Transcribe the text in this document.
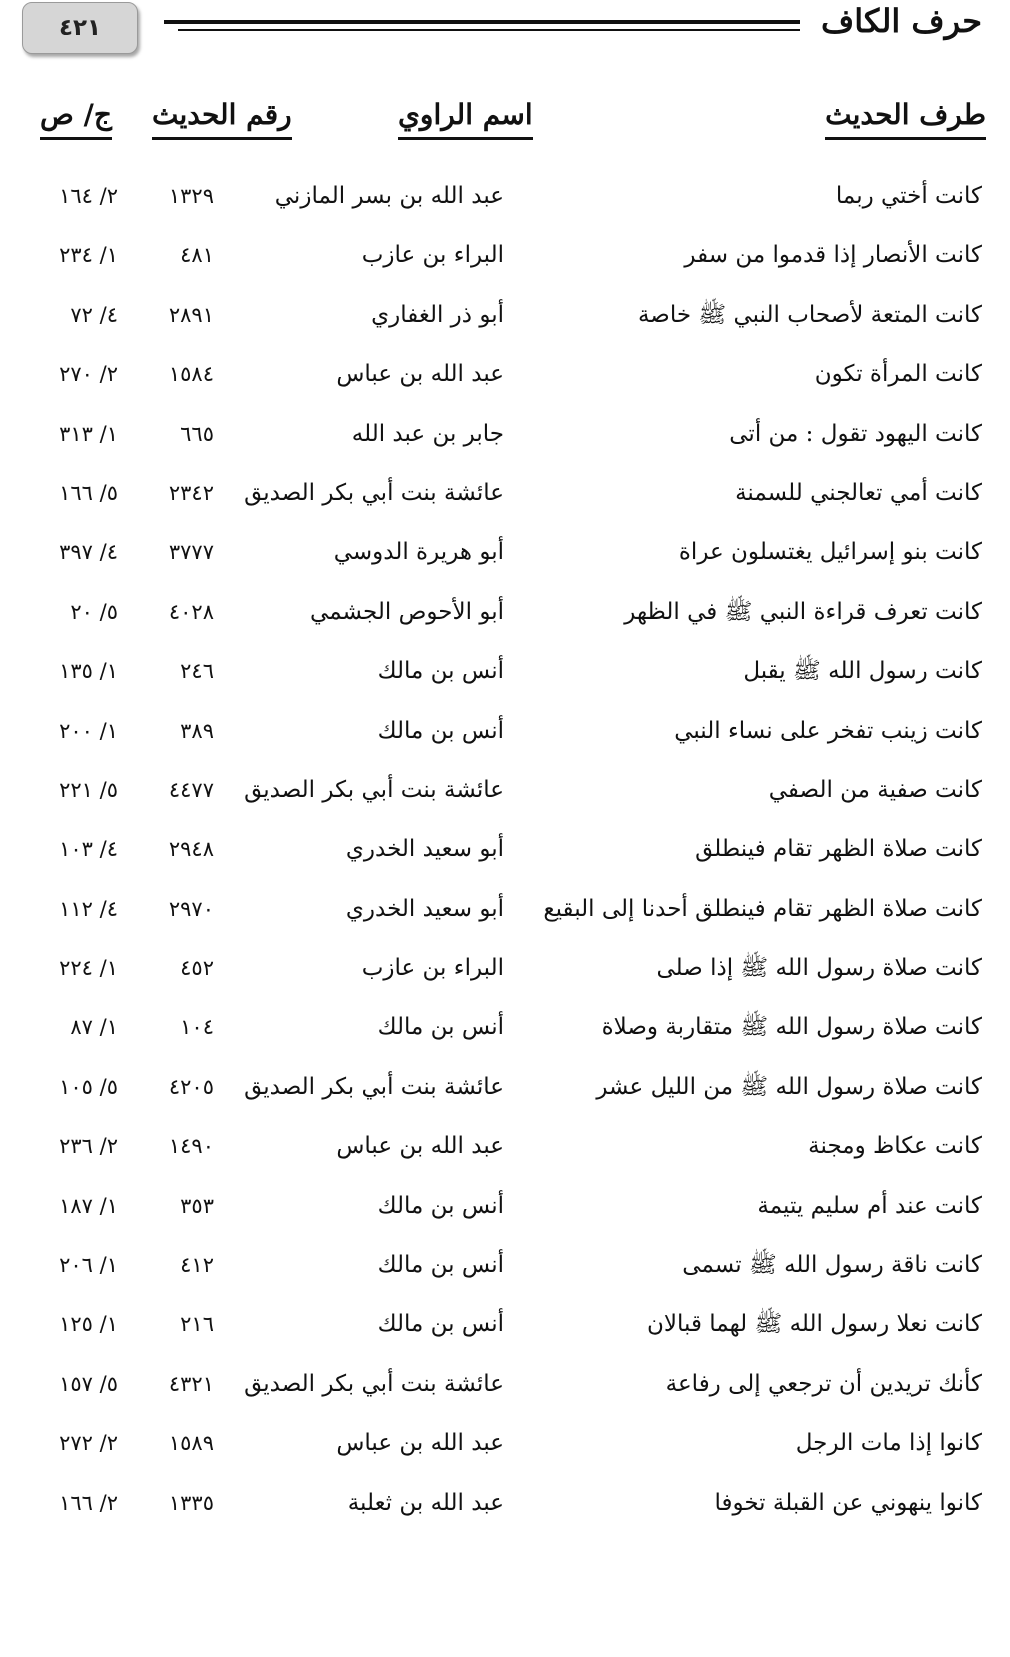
٤٢١	حرف الكاف
طرف الحديث
اسم الراوي
رقم الحديث
ج/ ص
كانت أختي ربما
عبد الله بن بسر المازني
١٣٢٩
٢/ ١٦٤
كانت الأنصار إذا قدموا من سفر
البراء بن عازب
٤٨١
١/ ٢٣٤
كانت المتعة لأصحاب النبي ﷺ خاصة
أبو ذر الغفاري
٢٨٩١
٤/ ٧٢
كانت المرأة تكون
عبد الله بن عباس
١٥٨٤
٢/ ٢٧٠
كانت اليهود تقول : من أتى
جابر بن عبد الله
٦٦٥
١/ ٣١٣
كانت أمي تعالجني للسمنة
عائشة بنت أبي بكر الصديق
٢٣٤٢
٥/ ١٦٦
كانت بنو إسرائيل يغتسلون عراة
أبو هريرة الدوسي
٣٧٧٧
٤/ ٣٩٧
كانت تعرف قراءة النبي ﷺ في الظهر
أبو الأحوص الجشمي
٤٠٢٨
٥/ ٢٠
كانت رسول الله ﷺ يقبل
أنس بن مالك
٢٤٦
١/ ١٣٥
كانت زينب تفخر على نساء النبي
أنس بن مالك
٣٨٩
١/ ٢٠٠
كانت صفية من الصفي
عائشة بنت أبي بكر الصديق
٤٤٧٧
٥/ ٢٢١
كانت صلاة الظهر تقام فينطلق
أبو سعيد الخدري
٢٩٤٨
٤/ ١٠٣
كانت صلاة الظهر تقام فينطلق أحدنا إلى البقيع
أبو سعيد الخدري
٢٩٧٠
٤/ ١١٢
كانت صلاة رسول الله ﷺ إذا صلى
البراء بن عازب
٤٥٢
١/ ٢٢٤
كانت صلاة رسول الله ﷺ متقاربة وصلاة
أنس بن مالك
١٠٤
١/ ٨٧
كانت صلاة رسول الله ﷺ من الليل عشر
عائشة بنت أبي بكر الصديق
٤٢٠٥
٥/ ١٠٥
كانت عكاظ ومجنة
عبد الله بن عباس
١٤٩٠
٢/ ٢٣٦
كانت عند أم سليم يتيمة
أنس بن مالك
٣٥٣
١/ ١٨٧
كانت ناقة رسول الله ﷺ تسمى
أنس بن مالك
٤١٢
١/ ٢٠٦
كانت نعلا رسول الله ﷺ لهما قبالان
أنس بن مالك
٢١٦
١/ ١٢٥
كأنك تريدين أن ترجعي إلى رفاعة
عائشة بنت أبي بكر الصديق
٤٣٢١
٥/ ١٥٧
كانوا إذا مات الرجل
عبد الله بن عباس
١٥٨٩
٢/ ٢٧٢
كانوا ينهوني عن القبلة تخوفا
عبد الله بن ثعلبة
١٣٣٥
٢/ ١٦٦
